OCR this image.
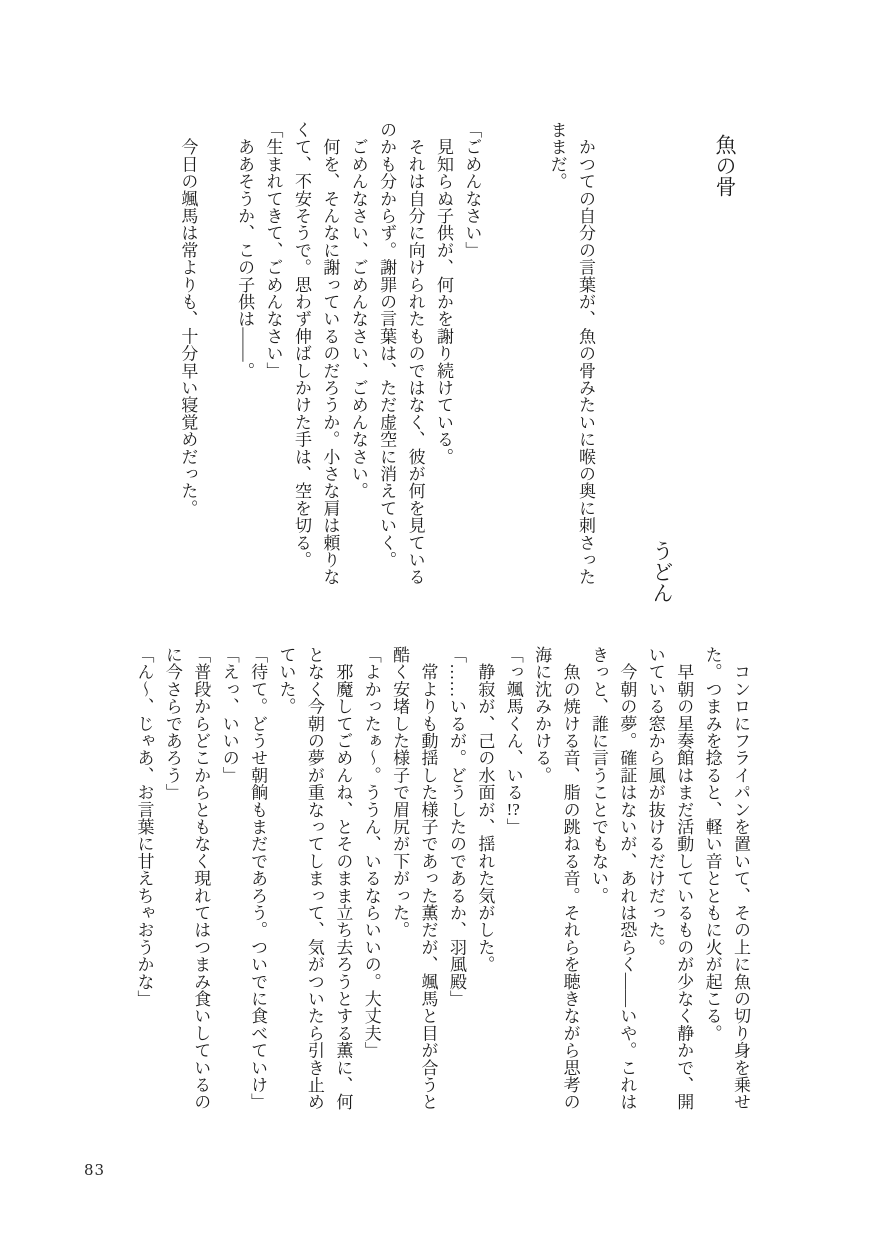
魚の骨

　かつての自分の言葉が、魚の骨みたいに喉の奥に刺さった

ままだ。

「ごめんなさい」

　見知らぬ子供が、何かを謝り続けている。

　それは自分に向けられたものではなく、彼が何を見ている

のかも分からず。謝罪の言葉は、ただ虚空に消えていく。

　ごめんなさい、ごめんなさい、ごめんなさい。

　何を、そんなに謝っているのだろうか。小さな肩は頼りな

くて、不安そうで。思わず伸ばしかけた手は、空を切る。

「生まれてきて、ごめんなさい」

　ああそうか、この子供は――。

　今日の颯馬は常よりも、十分早い寝覚めだった。

うどん

　コンロにフライパンを置いて、その上に魚の切り身を乗せ

た。つまみを捻ると、軽い音とともに火が起こる。

　早朝の星奏館はまだ活動しているものが少なく静かで、開

いている窓から風が抜けるだけだった。

　今朝の夢。確証はないが、あれは恐らく――いや。これは

きっと、誰に言うことでもない。

　魚の焼ける音、脂の跳ねる音。それらを聴きながら思考の

海に沈みかける。

「っ颯馬くん、いる!?」

　静寂が、己の水面が、揺れた気がした。

「……いるが。どうしたのであるか、羽風殿」

　常よりも動揺した様子であった薫だが、颯馬と目が合うと

酷く安堵した様子で眉尻が下がった。

「よかったぁ〜。ううん、いるならいいの。大丈夫」

　邪魔してごめんね、とそのまま立ち去ろうとする薫に、何

となく今朝の夢が重なってしまって、気がついたら引き止め

ていた。

「待て。どうせ朝餉もまだであろう。ついでに食べていけ」

「えっ、いいの」

「普段からどこからともなく現れてはつまみ食いしているの

に今さらであろう」

「ん〜、じゃあ、お言葉に甘えちゃおうかな」

83
